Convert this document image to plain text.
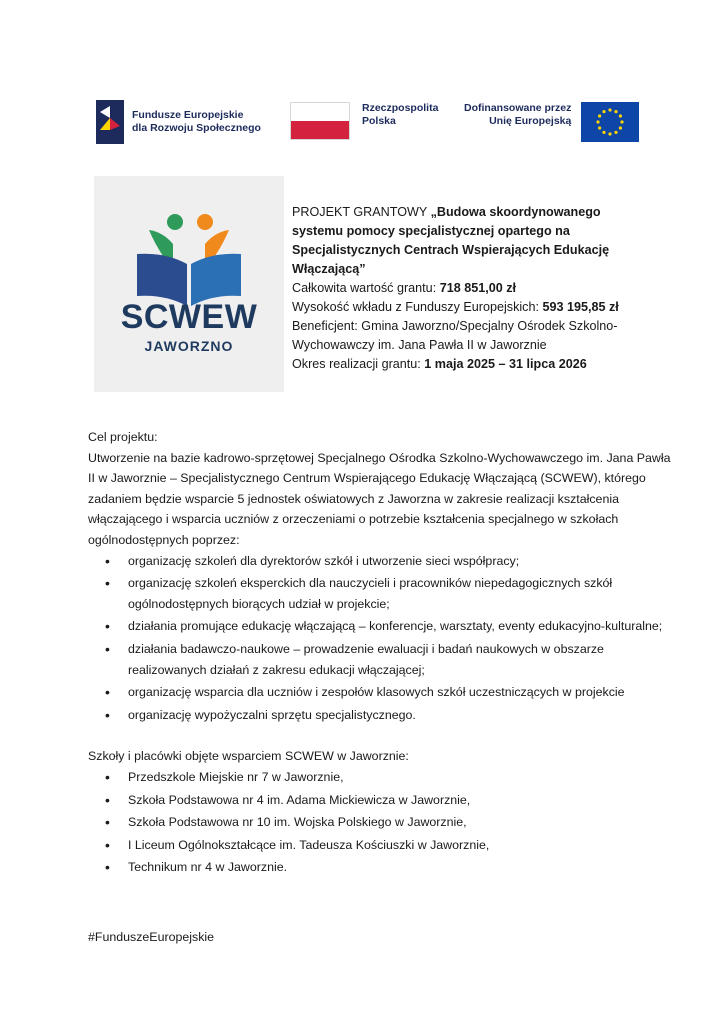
Fundusze Europejskie
dla Rozwoju Społecznego
Rzeczpospolita
Polska
Dofinansowane przez
Unię Europejską
SCWEW
JAWORZNO
PROJEKT GRANTOWY „Budowa skoordynowanego systemu pomocy specjalistycznej opartego na Specjalistycznych Centrach Wspierających Edukację Włączającą”
Całkowita wartość grantu: 718 851,00 zł
Wysokość wkładu z Funduszy Europejskich: 593 195,85 zł
Beneficjent: Gmina Jaworzno/Specjalny Ośrodek Szkolno-Wychowawczy im. Jana Pawła II w Jaworznie
Okres realizacji grantu: 1 maja 2025 – 31 lipca 2026

Cel projektu:

Utworzenie na bazie kadrowo-sprzętowej Specjalnego Ośrodka Szkolno-Wychowawczego im. Jana Pawła II w Jaworznie – Specjalistycznego Centrum Wspierającego Edukację Włączającą (SCWEW), którego zadaniem będzie wsparcie 5 jednostek oświatowych z Jaworzna w zakresie realizacji kształcenia włączającego i wsparcia uczniów z orzeczeniami o potrzebie kształcenia specjalnego w szkołach ogólnodostępnych poprzez:

• organizację szkoleń dla dyrektorów szkół i utworzenie sieci współpracy;
• organizację szkoleń eksperckich dla nauczycieli i pracowników niepedagogicznych szkół ogólnodostępnych biorących udział w projekcie;
• działania promujące edukację włączającą – konferencje, warsztaty, eventy edukacyjno-kulturalne;
• działania badawczo-naukowe – prowadzenie ewaluacji i badań naukowych w obszarze realizowanych działań z zakresu edukacji włączającej;
• organizację wsparcia dla uczniów i zespołów klasowych szkół uczestniczących w projekcie
• organizację wypożyczalni sprzętu specjalistycznego.

Szkoły i placówki objęte wsparciem SCWEW w Jaworznie:

• Przedszkole Miejskie nr 7 w Jaworznie,
• Szkoła Podstawowa nr 4 im. Adama Mickiewicza w Jaworznie,
• Szkoła Podstawowa nr 10 im. Wojska Polskiego w Jaworznie,
• I Liceum Ogólnokształcące im. Tadeusza Kościuszki w Jaworznie,
• Technikum nr 4 w Jaworznie.
#FunduszeEuropejskie
